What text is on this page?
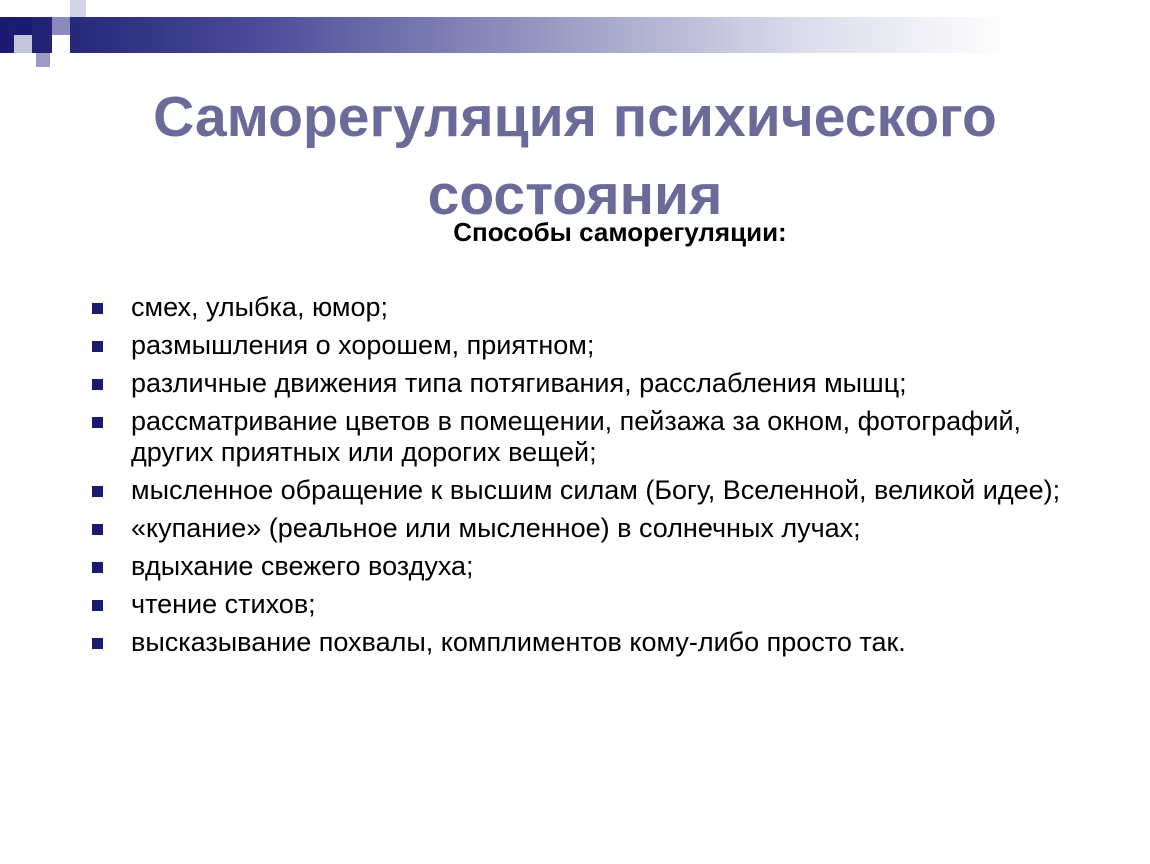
Саморегуляция психического состояния
Способы саморегуляции:
смех, улыбка, юмор;
размышления о хорошем, приятном;
различные движения типа потягивания, расслабления мышц;
рассматривание цветов в помещении, пейзажа за окном, фотографий, других приятных или дорогих вещей;
мысленное обращение к высшим силам (Богу, Вселенной, великой идее);
«купание» (реальное или мысленное) в солнечных лучах;
вдыхание свежего воздуха;
чтение стихов;
высказывание похвалы, комплиментов кому-либо просто так.
